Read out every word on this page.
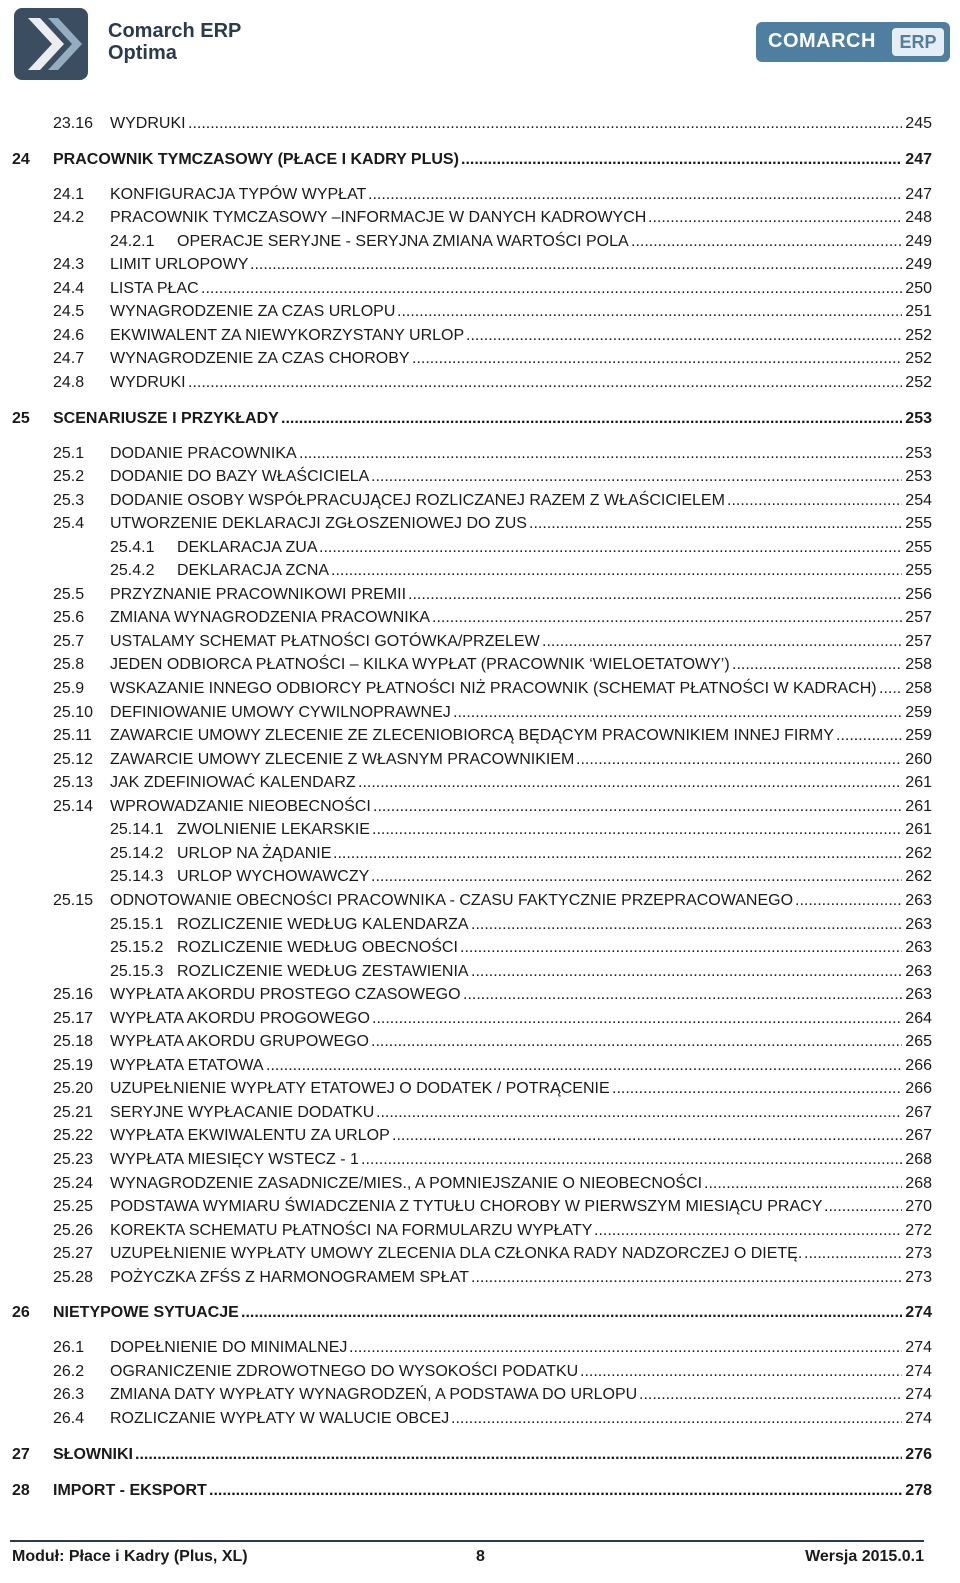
Comarch ERP
Optima
COMARCH	ERP
23.16 WYDRUKI .....	245
24 PRACOWNIK TYMCZASOWY (PŁACE I KADRY PLUS) .....	247
24.1 KONFIGURACJA TYPÓW WYPŁAT .....	247
24.2 PRACOWNIK TYMCZASOWY –INFORMACJE W DANYCH KADROWYCH .....	248
24.2.1 OPERACJE SERYJNE - SERYJNA ZMIANA WARTOŚCI POLA .....	249
24.3 LIMIT URLOPOWY .....	249
24.4 LISTA PŁAC .....	250
24.5 WYNAGRODZENIE ZA CZAS URLOPU .....	251
24.6 EKWIWALENT ZA NIEWYKORZYSTANY URLOP .....	252
24.7 WYNAGRODZENIE ZA CZAS CHOROBY .....	252
24.8 WYDRUKI .....	252
25 SCENARIUSZE I PRZYKŁADY .....	253
25.1 DODANIE PRACOWNIKA .....	253
25.2 DODANIE DO BAZY WŁAŚCICIELA .....	253
25.3 DODANIE OSOBY WSPÓŁPRACUJĄCEJ ROZLICZANEJ RAZEM Z WŁAŚCICIELEM .....	254
25.4 UTWORZENIE DEKLARACJI ZGŁOSZENIOWEJ DO ZUS .....	255
25.4.1 DEKLARACJA ZUA .....	255
25.4.2 DEKLARACJA ZCNA .....	255
25.5 PRZYZNANIE PRACOWNIKOWI PREMII .....	256
25.6 ZMIANA WYNAGRODZENIA PRACOWNIKA .....	257
25.7 USTALAMY SCHEMAT PŁATNOŚCI GOTÓWKA/PRZELEW .....	257
25.8 JEDEN ODBIORCA PŁATNOŚCI – KILKA WYPŁAT (PRACOWNIK ‘WIELOETATOWY’) .....	258
25.9 WSKAZANIE INNEGO ODBIORCY PŁATNOŚCI NIŻ PRACOWNIK (SCHEMAT PŁATNOŚCI W KADRACH) ..... 258
25.10 DEFINIOWANIE UMOWY CYWILNOPRAWNEJ .....	259
25.11 ZAWARCIE UMOWY ZLECENIE ZE ZLECENIOBIORCĄ BĘDĄCYM PRACOWNIKIEM INNEJ FIRMY .....	259
25.12 ZAWARCIE UMOWY ZLECENIE Z WŁASNYM PRACOWNIKIEM .....	260
25.13 JAK ZDEFINIOWAĆ KALENDARZ .....	261
25.14 WPROWADZANIE NIEOBECNOŚCI .....	261
25.14.1 ZWOLNIENIE LEKARSKIE .....	261
25.14.2 URLOP NA ŻĄDANIE .....	262
25.14.3 URLOP WYCHOWAWCZY .....	262
25.15 ODNOTOWANIE OBECNOŚCI PRACOWNIKA - CZASU FAKTYCZNIE PRZEPRACOWANEGO .....	263
25.15.1 ROZLICZENIE WEDŁUG KALENDARZA .....	263
25.15.2 ROZLICZENIE WEDŁUG OBECNOŚCI .....	263
25.15.3 ROZLICZENIE WEDŁUG ZESTAWIENIA .....	263
25.16 WYPŁATA AKORDU PROSTEGO CZASOWEGO .....	263
25.17 WYPŁATA AKORDU PROGOWEGO .....	264
25.18 WYPŁATA AKORDU GRUPOWEGO .....	265
25.19 WYPŁATA ETATOWA .....	266
25.20 UZUPEŁNIENIE WYPŁATY ETATOWEJ O DODATEK / POTRĄCENIE .....	266
25.21 SERYJNE WYPŁACANIE DODATKU .....	267
25.22 WYPŁATA EKWIWALENTU ZA URLOP .....	267
25.23 WYPŁATA MIESIĘCY WSTECZ - 1 .....	268
25.24 WYNAGRODZENIE ZASADNICZE/MIES., A POMNIEJSZANIE O NIEOBECNOŚCI .....	268
25.25 PODSTAWA WYMIARU ŚWIADCZENIA Z TYTUŁU CHOROBY W PIERWSZYM MIESIĄCU PRACY .....	270
25.26 KOREKTA SCHEMATU PŁATNOŚCI NA FORMULARZU WYPŁATY .....	272
25.27 UZUPEŁNIENIE WYPŁATY UMOWY ZLECENIA DLA CZŁONKA RADY NADZORCZEJ O DIETĘ. .....	273
25.28 POŻYCZKA ZFŚS Z HARMONOGRAMEM SPŁAT .....	273
26 NIETYPOWE SYTUACJE .....	274
26.1 DOPEŁNIENIE DO MINIMALNEJ .....	274
26.2 OGRANICZENIE ZDROWOTNEGO DO WYSOKOŚCI PODATKU .....	274
26.3 ZMIANA DATY WYPŁATY WYNAGRODZEŃ, A PODSTAWA DO URLOPU .....	274
26.4 ROZLICZANIE WYPŁATY W WALUCIE OBCEJ .....	274
27 SŁOWNIKI .....	276
28 IMPORT - EKSPORT .....	278
Moduł: Płace i Kadry (Plus, XL)	8	Wersja 2015.0.1
